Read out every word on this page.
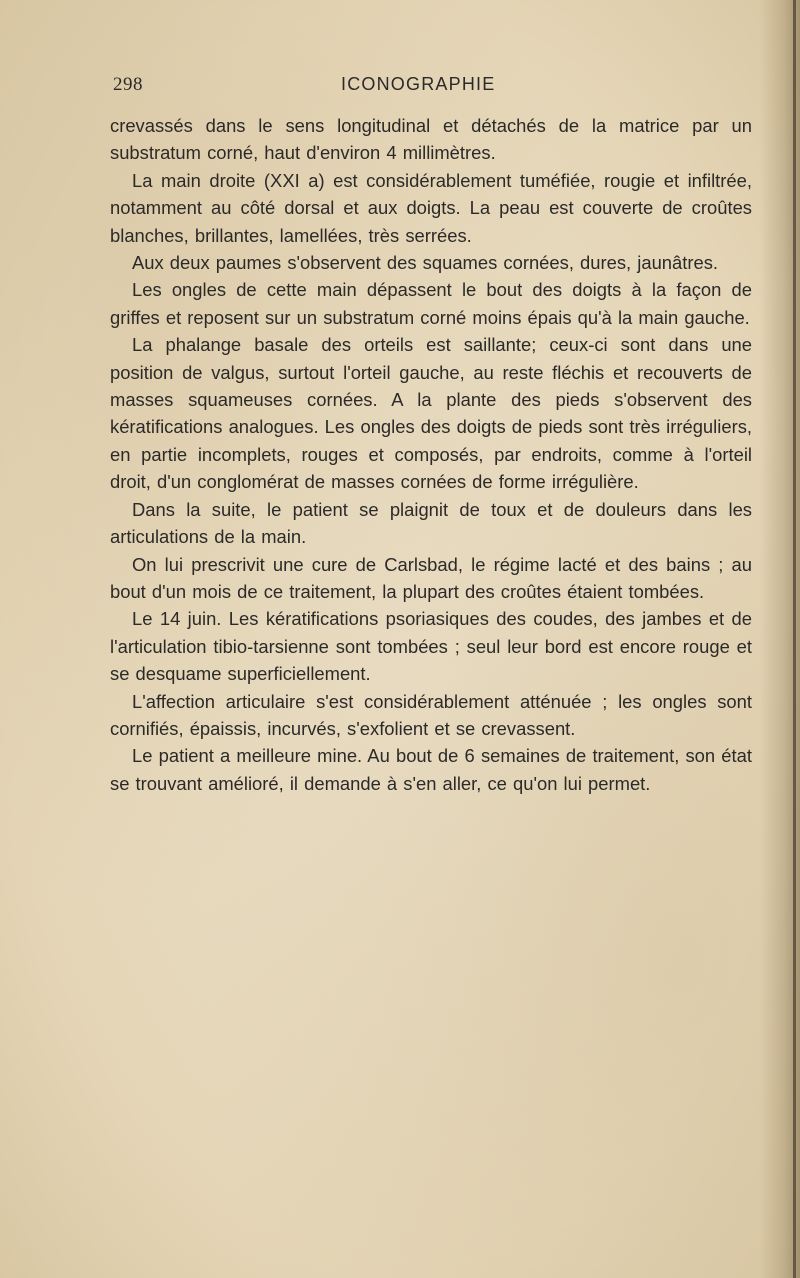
298	ICONOGRAPHIE

crevassés dans le sens longitudinal et détachés de la matrice par un substratum corné, haut d'environ 4 millimètres.

La main droite (XXI a) est considérablement tuméfiée, rougie et infiltrée, notamment au côté dorsal et aux doigts. La peau est couverte de croûtes blanches, brillantes, lamellées, très serrées.

Aux deux paumes s'observent des squames cornées, dures, jaunâtres.

Les ongles de cette main dépassent le bout des doigts à la façon de griffes et reposent sur un substratum corné moins épais qu'à la main gauche.

La phalange basale des orteils est saillante; ceux-ci sont dans une position de valgus, surtout l'orteil gauche, au reste fléchis et recouverts de masses squameuses cornées. A la plante des pieds s'observent des kératifications analogues. Les ongles des doigts de pieds sont très irréguliers, en partie incomplets, rouges et composés, par endroits, comme à l'orteil droit, d'un conglomérat de masses cornées de forme irrégulière.

Dans la suite, le patient se plaignit de toux et de douleurs dans les articulations de la main.

On lui prescrivit une cure de Carlsbad, le régime lacté et des bains ; au bout d'un mois de ce traitement, la plupart des croûtes étaient tombées.

Le 14 juin. Les kératifications psoriasiques des coudes, des jambes et de l'articulation tibio-tarsienne sont tombées ; seul leur bord est encore rouge et se desquame superficiellement.

L'affection articulaire s'est considérablement atténuée ; les ongles sont cornifiés, épaissis, incurvés, s'exfolient et se crevassent.

Le patient a meilleure mine. Au bout de 6 semaines de traitement, son état se trouvant amélioré, il demande à s'en aller, ce qu'on lui permet.
